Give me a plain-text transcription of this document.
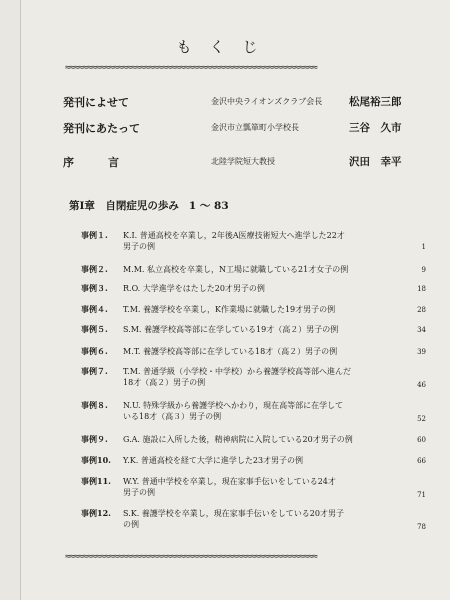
もくじ
≈≈≈≈≈≈≈≈≈≈≈≈≈≈≈≈≈≈≈≈≈≈≈≈≈≈≈≈≈≈≈≈≈≈≈≈≈≈≈≈≈≈≈≈≈≈≈≈≈≈≈≈≈≈≈≈≈
発刊によせて	金沢中央ライオンズクラブ会長	松尾裕三郎
発刊にあたって	金沢市立瓢箪町小学校長	三谷　久市
序言	北陸学院短大教授	沢田　幸平
第Ⅰ章　自閉症児の歩み 1 ～ 83
事例１.	K.I. 普通高校を卒業し，2年後A医療技術短大へ進学した22才
男子の例	1
事例２.	M.M. 私立高校を卒業し，N工場に就職している21才女子の例	9
事例３.	R.O. 大学進学をはたした20才男子の例	18
事例４.	T.M. 養護学校を卒業し，K作業場に就職した19才男子の例	28
事例５.	S.M. 養護学校高等部に在学している19才（高２）男子の例	34
事例６.	M.T. 養護学校高等部に在学している18才（高２）男子の例	39
事例７.	T.M. 普通学級（小学校・中学校）から養護学校高等部へ進んだ
18才（高２）男子の例	46
事例８.	N.U. 特殊学級から養護学校へかわり，現在高等部に在学して
いる18才（高３）男子の例	52
事例９.	G.A. 施設に入所した後，精神病院に入院している20才男子の例	60
事例10.	Y.K. 普通高校を経て大学に進学した23才男子の例	66
事例11.	W.Y. 普通中学校を卒業し，現在家事手伝いをしている24才
男子の例	71
事例12.	S.K. 養護学校を卒業し，現在家事手伝いをしている20才男子
の例	78
≈≈≈≈≈≈≈≈≈≈≈≈≈≈≈≈≈≈≈≈≈≈≈≈≈≈≈≈≈≈≈≈≈≈≈≈≈≈≈≈≈≈≈≈≈≈≈≈≈≈≈≈≈≈≈≈≈
